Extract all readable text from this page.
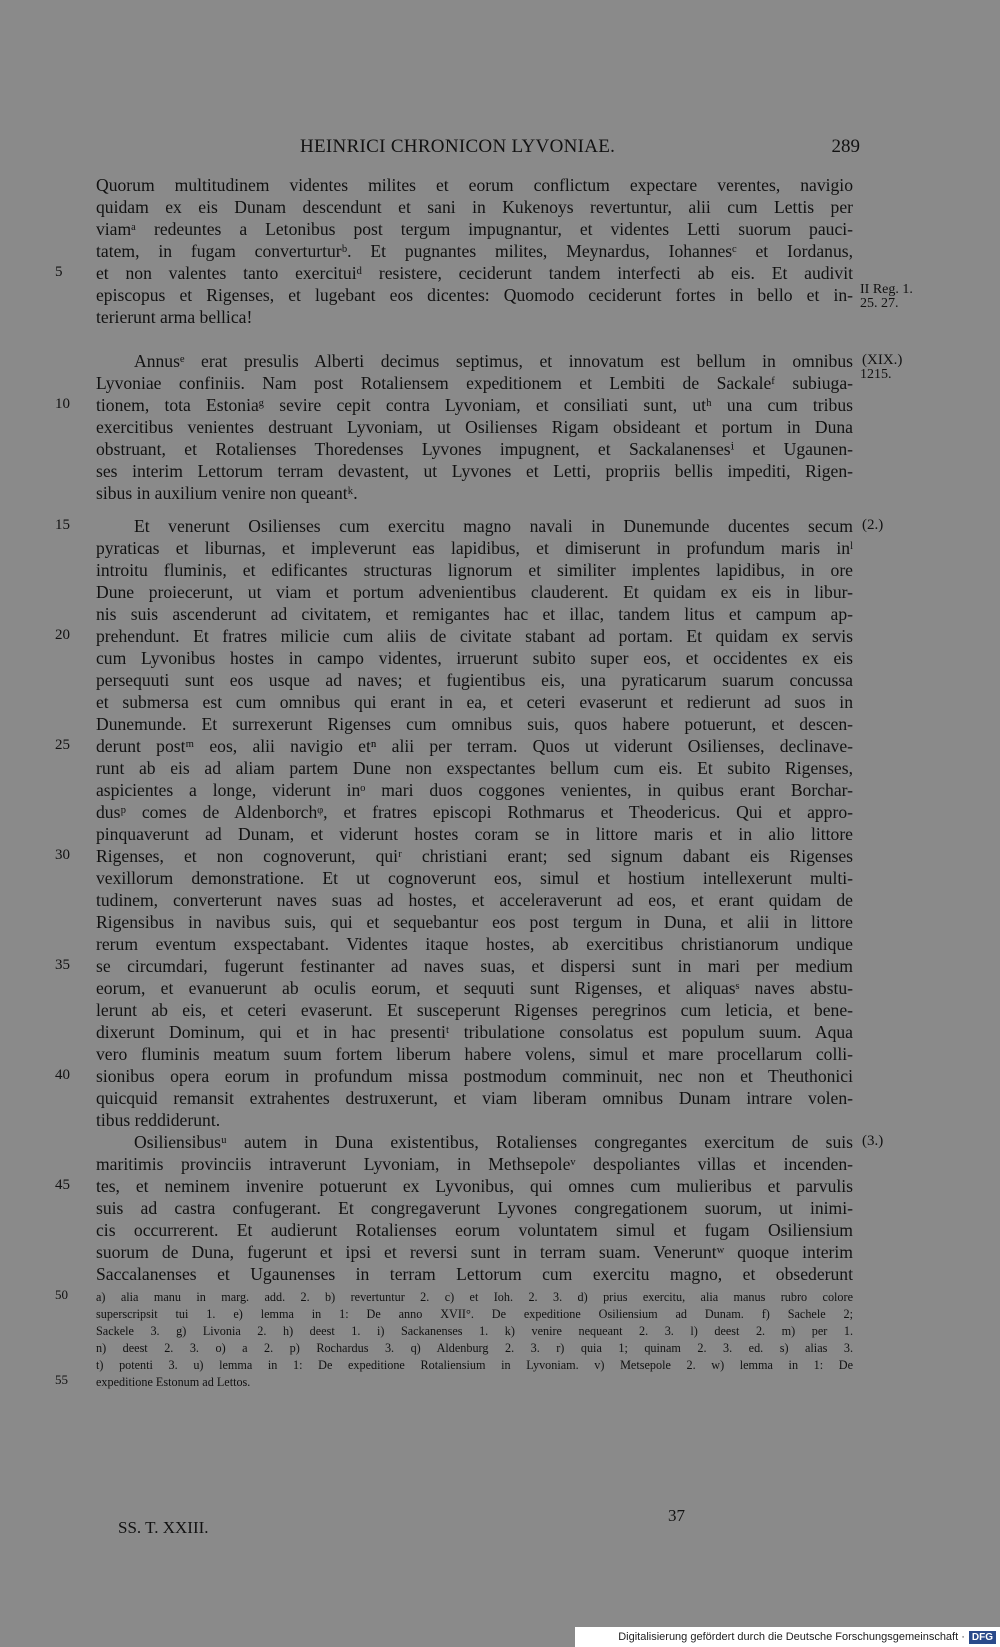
HEINRICI CHRONICON LYVONIAE.	289
Quorum multitudinem videntes milites et eorum conflictum expectare verentes, navigio
quidam ex eis Dunam descendunt et sani in Kukenoys revertuntur, alii cum Lettis per
viamᵃ redeuntes a Letonibus post tergum impugnantur, et videntes Letti suorum pauci-
tatem, in fugam converturturᵇ. Et pugnantes milites, Meynardus, Iohannesᶜ et Iordanus,
et non valentes tanto exercituiᵈ resistere, ceciderunt tandem interfecti ab eis. Et audivit
episcopus et Rigenses, et lugebant eos dicentes: Quomodo ceciderunt fortes in bello et in-
terierunt arma bellica!
Annusᵉ erat presulis Alberti decimus septimus, et innovatum est bellum in omnibus
Lyvoniae confiniis. Nam post Rotaliensem expeditionem et Lembiti de Sackaleᶠ subiuga-
tionem, tota Estoniaᵍ sevire cepit contra Lyvoniam, et consiliati sunt, utʰ una cum tribus
exercitibus venientes destruant Lyvoniam, ut Osilienses Rigam obsideant et portum in Duna
obstruant, et Rotalienses Thoredenses Lyvones impugnent, et Sackalanensesⁱ et Ugaunen-
ses interim Lettorum terram devastent, ut Lyvones et Letti, propriis bellis impediti, Rigen-
sibus in auxilium venire non queantᵏ.
Et venerunt Osilienses cum exercitu magno navali in Dunemunde ducentes secum
pyraticas et liburnas, et impleverunt eas lapidibus, et dimiserunt in profundum maris inˡ
introitu fluminis, et edificantes structuras lignorum et similiter implentes lapidibus, in ore
Dune proiecerunt, ut viam et portum advenientibus clauderent. Et quidam ex eis in libur-
nis suis ascenderunt ad civitatem, et remigantes hac et illac, tandem litus et campum ap-
prehendunt. Et fratres milicie cum aliis de civitate stabant ad portam. Et quidam ex servis
cum Lyvonibus hostes in campo videntes, irruerunt subito super eos, et occidentes ex eis
persequuti sunt eos usque ad naves; et fugientibus eis, una pyraticarum suarum concussa
et submersa est cum omnibus qui erant in ea, et ceteri evaserunt et redierunt ad suos in
Dunemunde. Et surrexerunt Rigenses cum omnibus suis, quos habere potuerunt, et descen-
derunt postᵐ eos, alii navigio etⁿ alii per terram. Quos ut viderunt Osilienses, declinave-
runt ab eis ad aliam partem Dune non exspectantes bellum cum eis. Et subito Rigenses,
aspicientes a longe, viderunt inᵒ mari duos coggones venientes, in quibus erant Borchar-
dusᵖ comes de Aldenborchᵠ, et fratres episcopi Rothmarus et Theodericus. Qui et appro-
pinquaverunt ad Dunam, et viderunt hostes coram se in littore maris et in alio littore
Rigenses, et non cognoverunt, quiʳ christiani erant; sed signum dabant eis Rigenses
vexillorum demonstratione. Et ut cognoverunt eos, simul et hostium intellexerunt multi-
tudinem, converterunt naves suas ad hostes, et acceleraverunt ad eos, et erant quidam de
Rigensibus in navibus suis, qui et sequebantur eos post tergum in Duna, et alii in littore
rerum eventum exspectabant. Videntes itaque hostes, ab exercitibus christianorum undique
se circumdari, fugerunt festinanter ad naves suas, et dispersi sunt in mari per medium
eorum, et evanuerunt ab oculis eorum, et sequuti sunt Rigenses, et aliquasˢ naves abstu-
lerunt ab eis, et ceteri evaserunt. Et susceperunt Rigenses peregrinos cum leticia, et bene-
dixerunt Dominum, qui et in hac presentiᵗ tribulatione consolatus est populum suum. Aqua
vero fluminis meatum suum fortem liberum habere volens, simul et mare procellarum colli-
sionibus opera eorum in profundum missa postmodum comminuit, nec non et Theuthonici
quicquid remansit extrahentes destruxerunt, et viam liberam omnibus Dunam intrare volen-
tibus reddiderunt.
Osiliensibusᵘ autem in Duna existentibus, Rotalienses congregantes exercitum de suis
maritimis provinciis intraverunt Lyvoniam, in Methsepoleᵛ despoliantes villas et incenden-
tes, et neminem invenire potuerunt ex Lyvonibus, qui omnes cum mulieribus et parvulis
suis ad castra confugerant. Et congregaverunt Lyvones congregationem suorum, ut inimi-
cis occurrerent. Et audierunt Rotalienses eorum voluntatem simul et fugam Osiliensium
suorum de Duna, fugerunt et ipsi et reversi sunt in terram suam. Veneruntʷ quoque interim
Saccalanenses et Ugaunenses in terram Lettorum cum exercitu magno, et obsederunt
5
10
15
20
25
30
35
40
45
II Reg. 1.
25. 27.
(XIX.)
1215.
(2.)
(3.)
a) alia manu in marg. add. 2. b) revertuntur 2. c) et Ioh. 2. 3. d) prius exercitu, alia manus rubro colore
superscripsit tui 1. e) lemma in 1: De anno XVII°. De expeditione Osiliensium ad Dunam. f) Sachele 2;
Sackele 3. g) Livonia 2. h) deest 1. i) Sackanenses 1. k) venire nequeant 2. 3. l) deest 2. m) per 1.
n) deest 2. 3. o) a 2. p) Rochardus 3. q) Aldenburg 2. 3. r) quia 1; quinam 2. 3. ed. s) alias 3.
t) potenti 3. u) lemma in 1: De expeditione Rotaliensium in Lyvoniam. v) Metsepole 2. w) lemma in 1: De
expeditione Estonum ad Lettos.
50
55
SS. T. XXIII.
37
Digitalisierung gefördert durch die Deutsche Forschungsgemeinschaft · DFG
